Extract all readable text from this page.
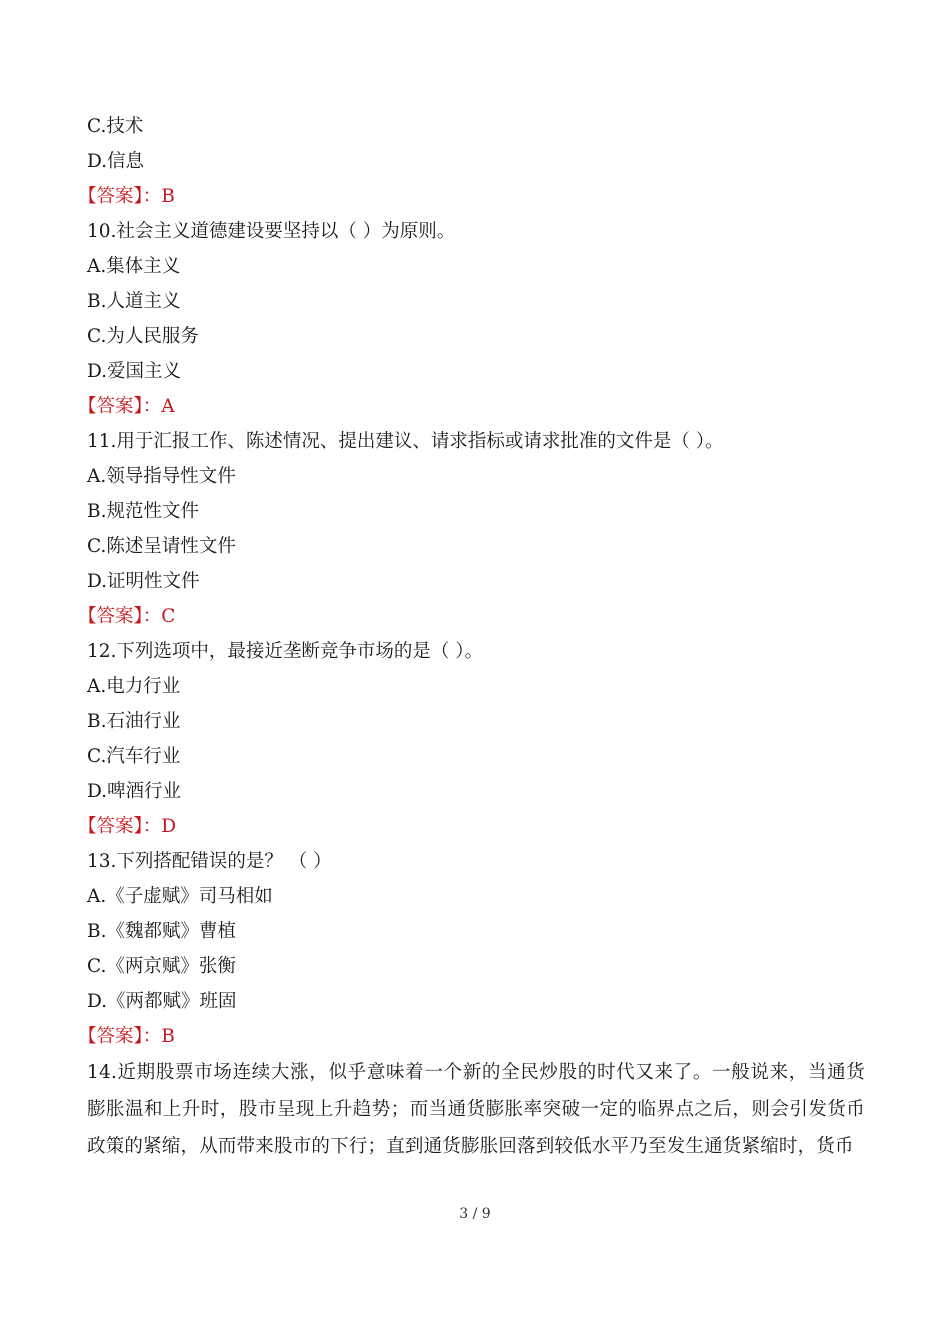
C.技术
D.信息
【答案】：B
10.社会主义道德建设要坚持以（ ）为原则。
A.集体主义
B.人道主义
C.为人民服务
D.爱国主义
【答案】：A
11.用于汇报工作、陈述情况、提出建议、请求指标或请求批准的文件是（ ）。
A.领导指导性文件
B.规范性文件
C.陈述呈请性文件
D.证明性文件
【答案】：C
12.下列选项中，最接近垄断竞争市场的是（ ）。
A.电力行业
B.石油行业
C.汽车行业
D.啤酒行业
【答案】：D
13.下列搭配错误的是？ （ ）
A.《子虚赋》司马相如
B.《魏都赋》曹植
C.《两京赋》张衡
D.《两都赋》班固
【答案】：B
14.近期股票市场连续大涨，似乎意味着一个新的全民炒股的时代又来了。一般说来，当通货膨胀温和上升时，股市呈现上升趋势；而当通货膨胀率突破一定的临界点之后，则会引发货币政策的紧缩，从而带来股市的下行；直到通货膨胀回落到较低水平乃至发生通货紧缩时，货币
3 / 9
